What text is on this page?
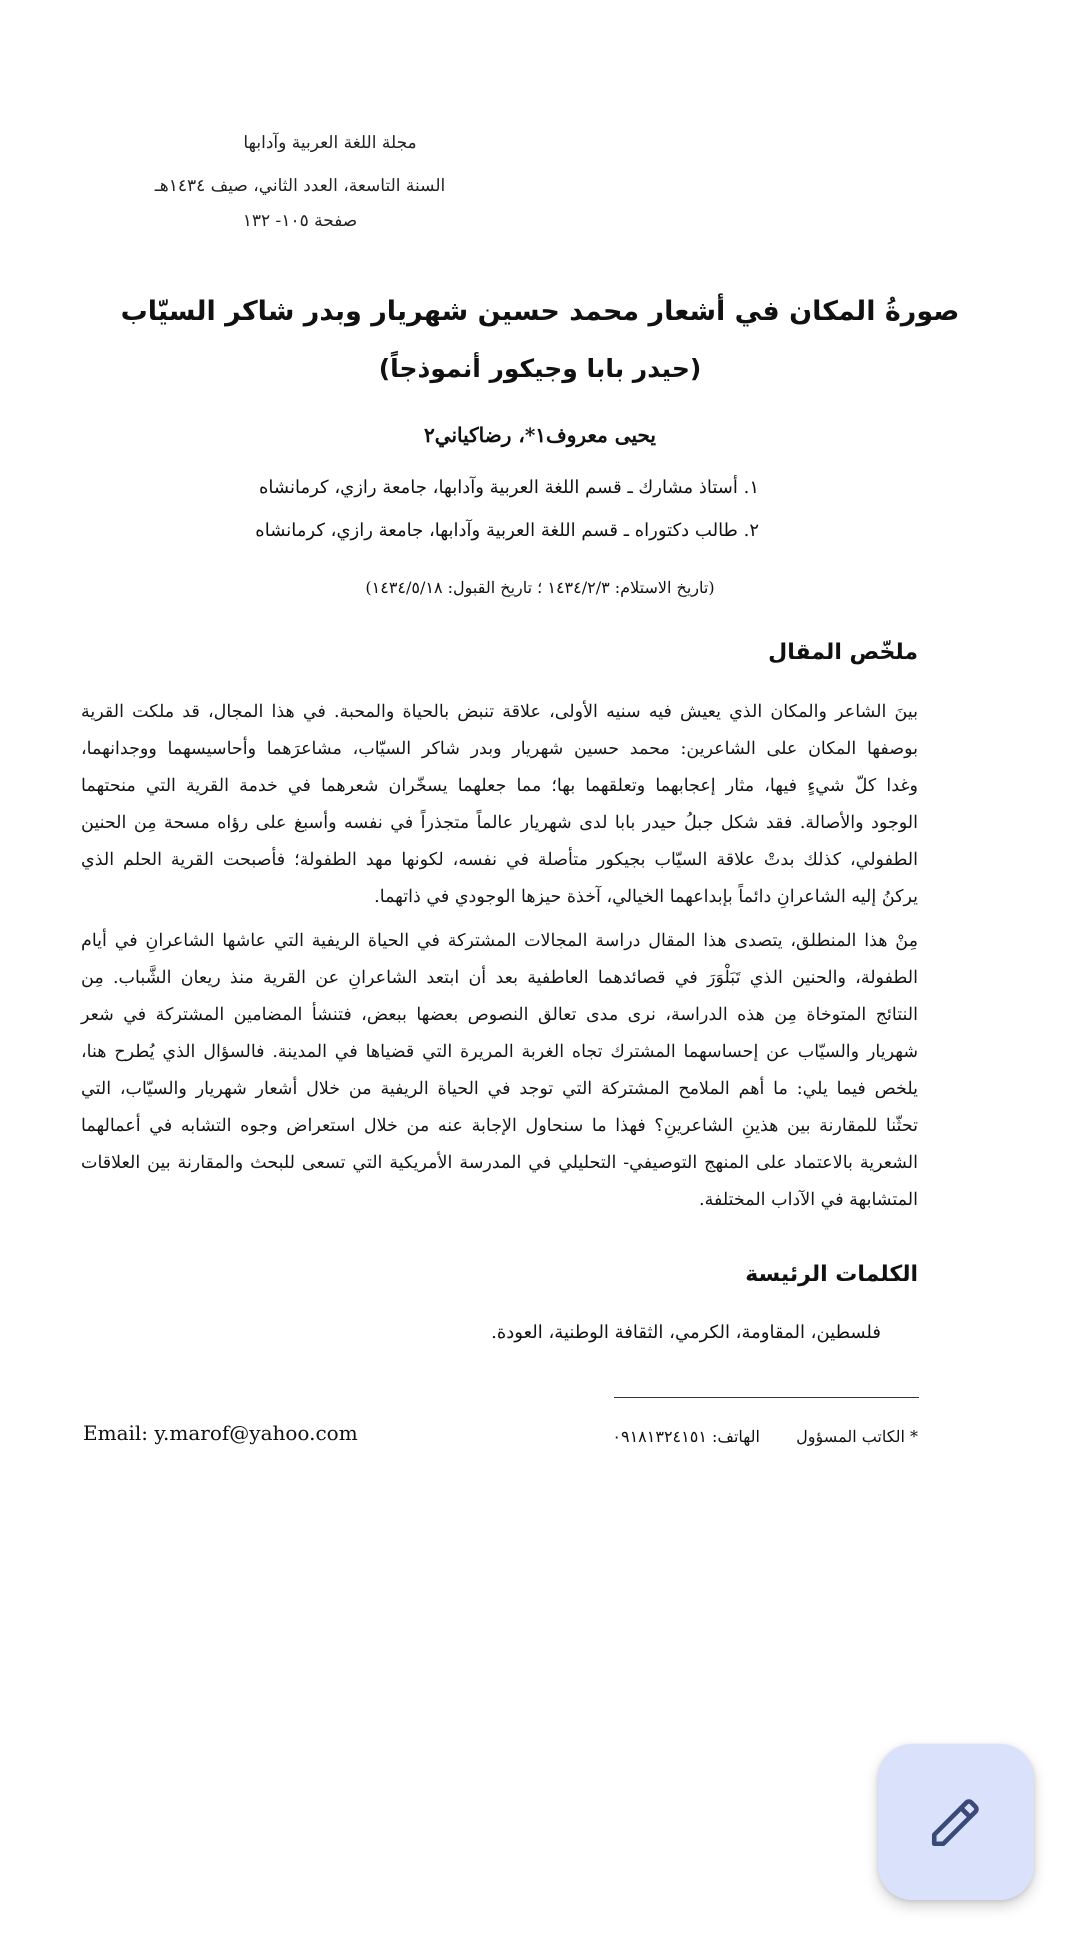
مجلة اللغة العربية وآدابها
السنة التاسعة، العدد الثاني، صيف ١٤٣٤هـ
صفحة ١٠٥- ١٣٢
صورةُ المكان في أشعار محمد حسين شهريار وبدر شاكر السيّاب
(حيدر بابا وجيكور أنموذجاً)
يحيى معروف١*، رضاكياني٢
١. أستاذ مشارك ـ قسم اللغة العربية وآدابها، جامعة رازي، كرمانشاه
٢. طالب دكتوراه ـ قسم اللغة العربية وآدابها، جامعة رازي، كرمانشاه
(تاريخ الاستلام: ١٤٣٤/٢/٣ ؛ تاريخ القبول: ١٤٣٤/٥/١٨)
ملخّص المقال
بينَ الشاعر والمكان الذي يعيش فيه سنيه الأولى، علاقة تنبض بالحياة والمحبة. في هذا المجال، قد ملكت القرية
بوصفها المكان على الشاعرين: محمد حسين شهريار وبدر شاكر السيّاب، مشاعرَهما وأحاسيسهما ووجدانهما،
وغدا كلّ شيءٍ فيها، مثار إعجابهما وتعلقهما بها؛ مما جعلهما يسخّران شعرهما في خدمة القرية التي منحتهما
الوجود والأصالة. فقد شكل جبلُ حيدر بابا لدى شهريار عالماً متجذراً في نفسه وأسبغ على رؤاه مسحة مِن الحنين
الطفولي، كذلك بدتْ علاقة السيّاب بجيكور متأصلة في نفسه، لكونها مهد الطفولة؛ فأصبحت القرية الحلم الذي
يركنُ إليه الشاعرانِ دائماً بإبداعهما الخيالي، آخذة حيزها الوجودي في ذاتهما.
مِنْ هذا المنطلق، يتصدى هذا المقال دراسة المجالات المشتركة في الحياة الريفية التي عاشها الشاعرانِ في أيام
الطفولة، والحنين الذي تَبَلْوَرَ في قصائدهما العاطفية بعد أن ابتعد الشاعرانِ عن القرية منذ ريعان الشَّباب. مِن
النتائج المتوخاة مِن هذه الدراسة، نرى مدى تعالق النصوص بعضها ببعض، فتنشأ المضامين المشتركة في شعر
شهريار والسيّاب عن إحساسهما المشترك تجاه الغربة المريرة التي قضياها في المدينة. فالسؤال الذي يُطرح هنا،
يلخص فيما يلي: ما أهم الملامح المشتركة التي توجد في الحياة الريفية من خلال أشعار شهريار والسيّاب، التي
تحثّنا للمقارنة بين هذينِ الشاعرينِ؟ فهذا ما سنحاول الإجابة عنه من خلال استعراض وجوه التشابه في أعمالهما
الشعرية بالاعتماد على المنهج التوصيفي- التحليلي في المدرسة الأمريكية التي تسعى للبحث والمقارنة بين العلاقات
المتشابهة في الآداب المختلفة.
الكلمات الرئيسة
فلسطين، المقاومة، الكرمي، الثقافة الوطنية، العودة.
* الكاتب المسؤول  الهاتف: ٠٩١٨١٣٢٤١٥١
Email: y.marof@yahoo.com
